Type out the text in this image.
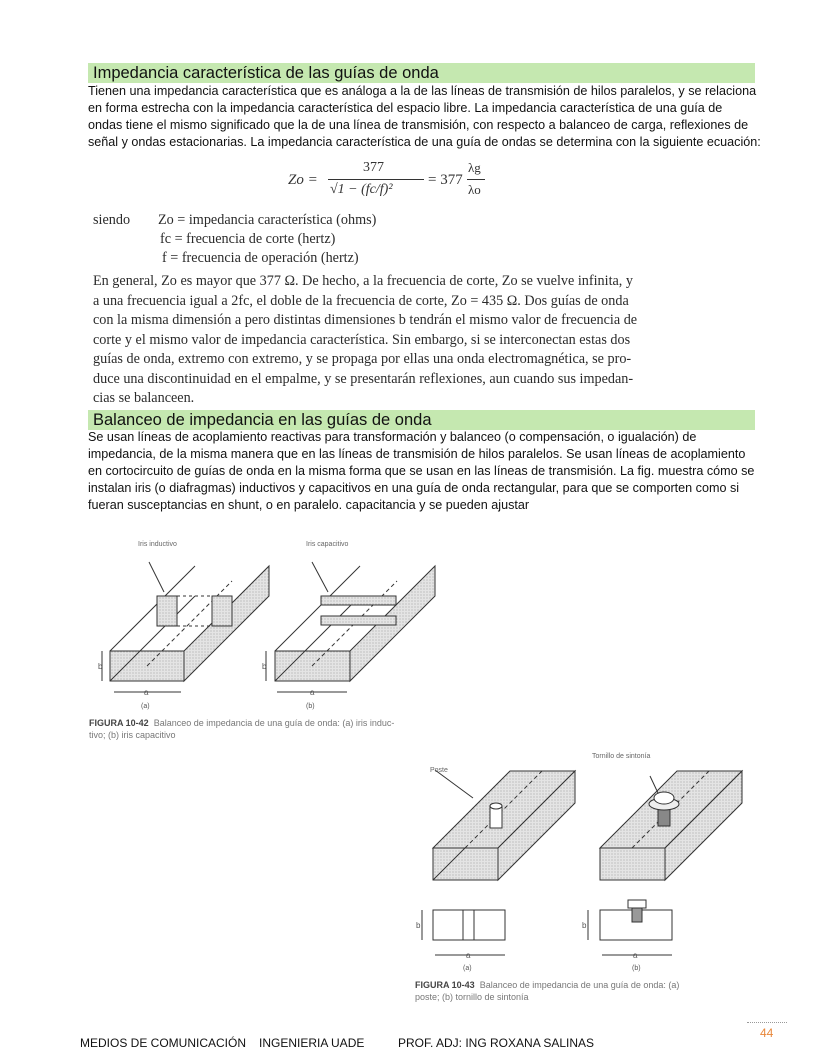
Impedancia característica de las guías de onda
Tienen una impedancia característica que es análoga a la de las líneas de transmisión de hilos paralelos, y se relaciona
en forma estrecha con la impedancia característica del espacio libre. La impedancia característica de una guía de
ondas tiene el mismo significado que la de una línea de transmisión, con respecto a balanceo de carga, reflexiones de
señal y ondas estacionarias. La impedancia característica de una guía de ondas se determina con la siguiente ecuación:
Zo =
377
√1 − (fc/f)²
= 377
λg
λo
siendo Zo = impedancia característica (ohms)
fc = frecuencia de corte (hertz)
f = frecuencia de operación (hertz)
En general, Zo es mayor que 377 Ω. De hecho, a la frecuencia de corte, Zo se vuelve infinita, y
a una frecuencia igual a 2fc, el doble de la frecuencia de corte, Zo = 435 Ω. Dos guías de onda
con la misma dimensión a pero distintas dimensiones b tendrán el mismo valor de frecuencia de
corte y el mismo valor de impedancia característica. Sin embargo, si se interconectan estas dos
guías de onda, extremo con extremo, y se propaga por ellas una onda electromagnética, se pro-
duce una discontinuidad en el empalme, y se presentarán reflexiones, aun cuando sus impedan-
cias se balanceen.
Balanceo de impedancia en las guías de onda
Se usan líneas de acoplamiento reactivas para transformación y balanceo (o compensación, o igualación) de
impedancia, de la misma manera que en las líneas de transmisión de hilos paralelos. Se usan líneas de acoplamiento
en cortocircuito de guías de onda en la misma forma que se usan en las líneas de transmisión. La fig. muestra cómo se
instalan iris (o diafragmas) inductivos y capacitivos en una guía de onda rectangular, para que se comporten como si
fueran susceptancias en shunt, o en paralelo. capacitancia y se pueden ajustar
Iris inductivo
b
a
(a)
Iris capacitivo
b
a
(b)
FIGURA 10-42 Balanceo de impedancia de una guía de onda: (a) iris induc-
tivo; (b) iris capacitivo
Poste
b
a
(a)
Tornillo de sintonía
b
a
(b)
FIGURA 10-43 Balanceo de impedancia de una guía de onda: (a)
poste; (b) tornillo de sintonía
44
MEDIOS DE COMUNICACIÓN INGENIERIA UADE	PROF. ADJ: ING ROXANA SALINAS
